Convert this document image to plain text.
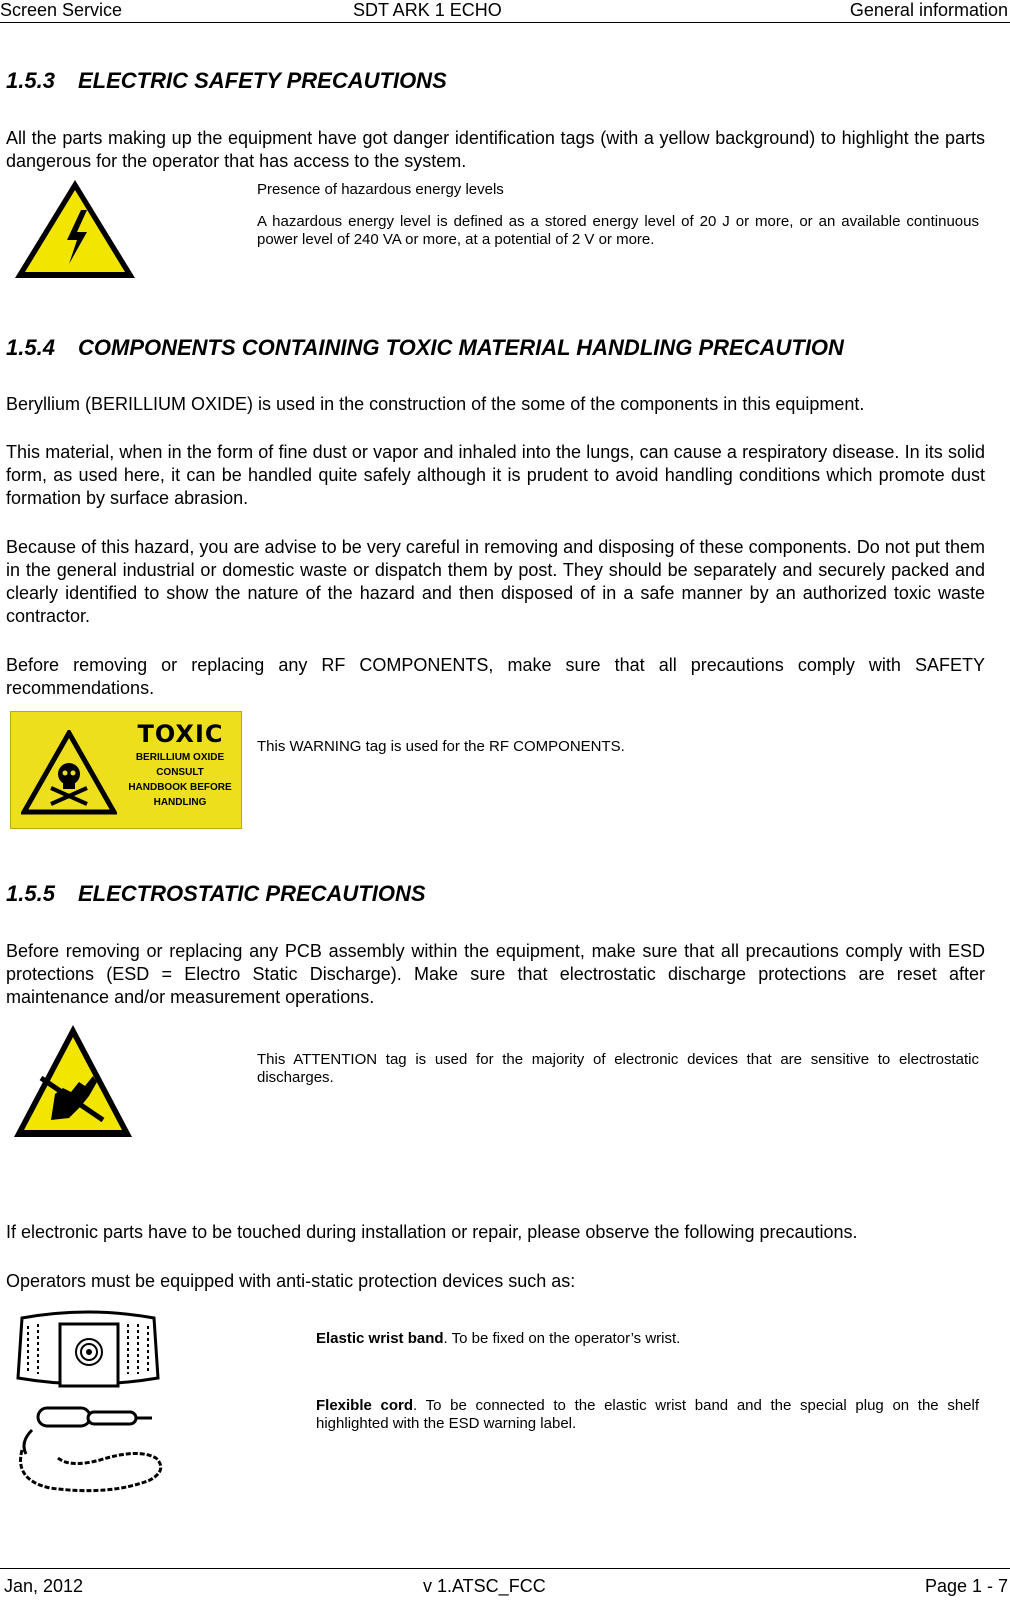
Screen Service	SDT ARK 1 ECHO	General information
1.5.3 ELECTRIC SAFETY PRECAUTIONS
All the parts making up the equipment have got danger identification tags (with a yellow background) to highlight the parts dangerous for the operator that has access to the system.
Presence of hazardous energy levels
A hazardous energy level is defined as a stored energy level of 20 J or more, or an available continuous power level of 240 VA or more, at a potential of 2 V or more.
1.5.4 COMPONENTS CONTAINING TOXIC MATERIAL HANDLING PRECAUTION
Beryllium (BERILLIUM OXIDE) is used in the construction of the some of the components in this equipment.
This material, when in the form of fine dust or vapor and inhaled into the lungs, can cause a respiratory disease. In its solid form, as used here, it can be handled quite safely although it is prudent to avoid handling conditions which promote dust formation by surface abrasion.
Because of this hazard, you are advise to be very careful in removing and disposing of these components. Do not put them in the general industrial or domestic waste or dispatch them by post. They should be separately and securely packed and clearly identified to show the nature of the hazard and then disposed of in a safe manner by an authorized toxic waste contractor.
Before removing or replacing any RF COMPONENTS, make sure that all precautions comply with SAFETY recommendations.
TOXIC
BERILLIUM OXIDE
CONSULT
HANDBOOK BEFORE
HANDLING
This WARNING tag is used for the RF COMPONENTS.
1.5.5 ELECTROSTATIC PRECAUTIONS
Before removing or replacing any PCB assembly within the equipment, make sure that all precautions comply with ESD protections (ESD = Electro Static Discharge). Make sure that electrostatic discharge protections are reset after maintenance and/or measurement operations.
This ATTENTION tag is used for the majority of electronic devices that are sensitive to electrostatic discharges.
If electronic parts have to be touched during installation or repair, please observe the following precautions.
Operators must be equipped with anti-static protection devices such as:
Elastic wrist band. To be fixed on the operator’s wrist.
Flexible cord. To be connected to the elastic wrist band and the special plug on the shelf highlighted with the ESD warning label.
Jan, 2012	v 1.ATSC_FCC	Page 1 - 7
